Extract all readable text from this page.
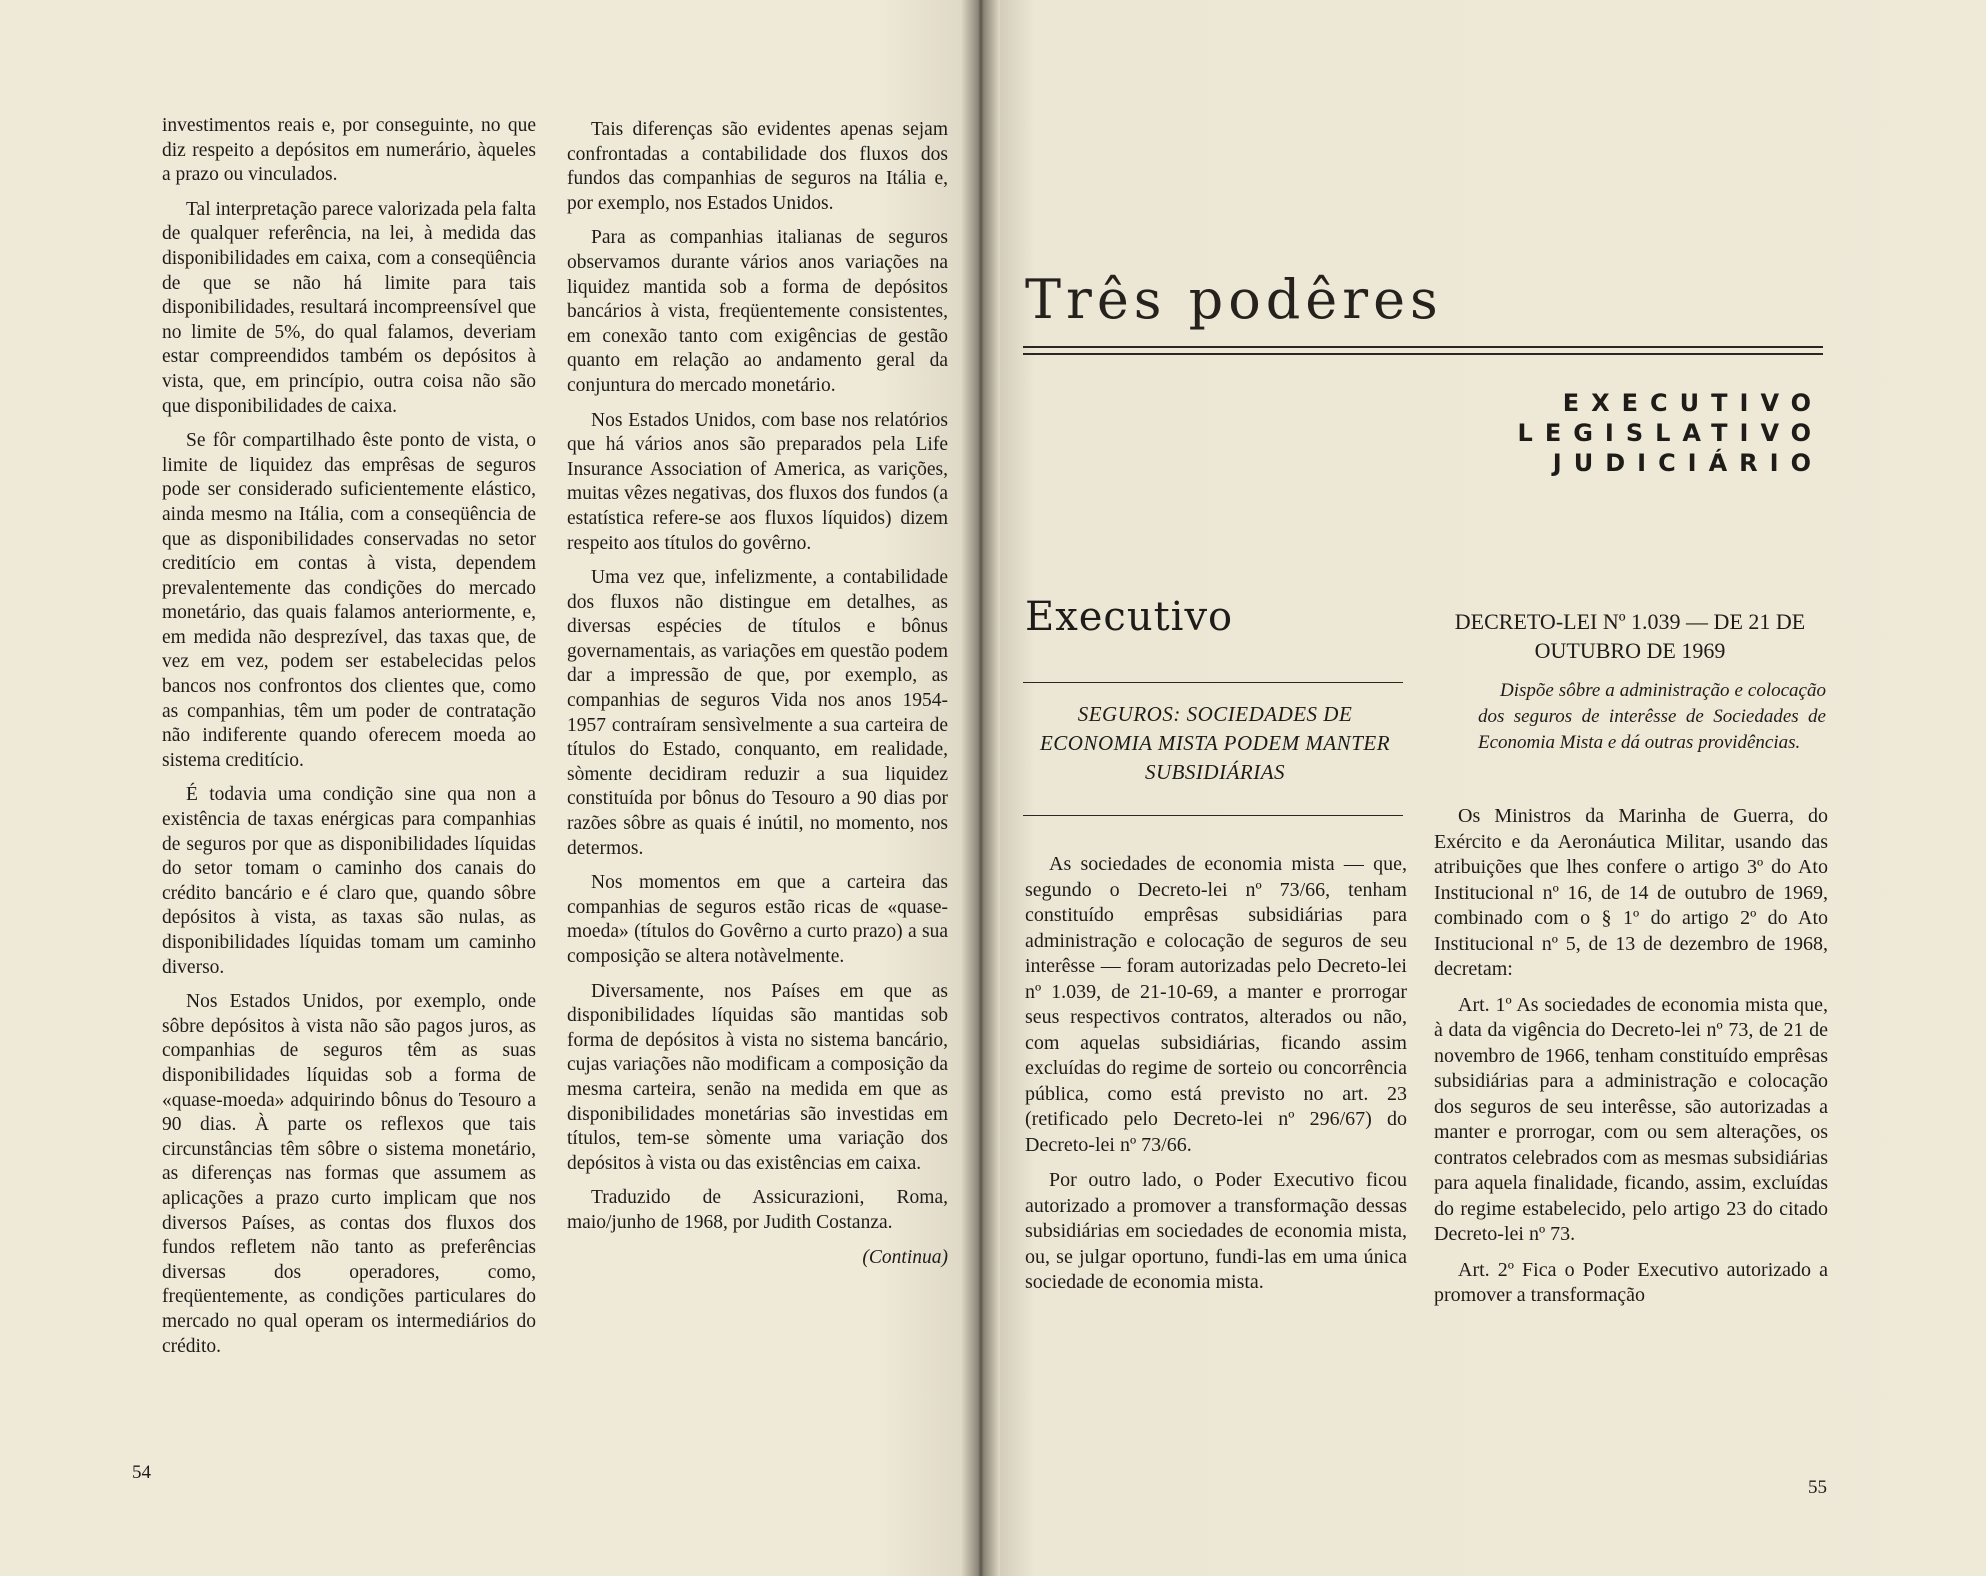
investimentos reais e, por conseguinte, no que diz respeito a depósitos em numerário, àqueles a prazo ou vinculados.

Tal interpretação parece valorizada pela falta de qualquer referência, na lei, à medida das disponibilidades em caixa, com a conseqüência de que se não há limite para tais disponibilidades, resultará incompreensível que no limite de 5%, do qual falamos, deveriam estar compreendidos também os depósitos à vista, que, em princípio, outra coisa não são que disponibilidades de caixa.

Se fôr compartilhado êste ponto de vista, o limite de liquidez das emprêsas de seguros pode ser considerado suficientemente elástico, ainda mesmo na Itália, com a conseqüência de que as disponibilidades conservadas no setor creditício em contas à vista, dependem prevalentemente das condições do mercado monetário, das quais falamos anteriormente, e, em medida não desprezível, das taxas que, de vez em vez, podem ser estabelecidas pelos bancos nos confrontos dos clientes que, como as companhias, têm um poder de contratação não indiferente quando oferecem moeda ao sistema creditício.

É todavia uma condição sine qua non a existência de taxas enérgicas para companhias de seguros por que as disponibilidades líquidas do setor tomam o caminho dos canais do crédito bancário e é claro que, quando sôbre depósitos à vista, as taxas são nulas, as disponibilidades líquidas tomam um caminho diverso.

Nos Estados Unidos, por exemplo, onde sôbre depósitos à vista não são pagos juros, as companhias de seguros têm as suas disponibilidades líquidas sob a forma de «quase-moeda» adquirindo bônus do Tesouro a 90 dias. À parte os reflexos que tais circunstâncias têm sôbre o sistema monetário, as diferenças nas formas que assumem as aplicações a prazo curto implicam que nos diversos Países, as contas dos fluxos dos fundos refletem não tanto as preferências diversas dos operadores, como, freqüentemente, as condições particulares do mercado no qual operam os intermediários do crédito.

Tais diferenças são evidentes apenas sejam confrontadas a contabilidade dos fluxos dos fundos das companhias de seguros na Itália e, por exemplo, nos Estados Unidos.

Para as companhias italianas de seguros observamos durante vários anos variações na liquidez mantida sob a forma de depósitos bancários à vista, freqüentemente consistentes, em conexão tanto com exigências de gestão quanto em relação ao andamento geral da conjuntura do mercado monetário.

Nos Estados Unidos, com base nos relatórios que há vários anos são preparados pela Life Insurance Association of America, as varições, muitas vêzes negativas, dos fluxos dos fundos (a estatística refere-se aos fluxos líquidos) dizem respeito aos títulos do govêrno.

Uma vez que, infelizmente, a contabilidade dos fluxos não distingue em detalhes, as diversas espécies de títulos e bônus governamentais, as variações em questão podem dar a impressão de que, por exemplo, as companhias de seguros Vida nos anos 1954-1957 contraíram sensìvelmente a sua carteira de títulos do Estado, conquanto, em realidade, sòmente decidiram reduzir a sua liquidez constituída por bônus do Tesouro a 90 dias por razões sôbre as quais é inútil, no momento, nos determos.

Nos momentos em que a carteira das companhias de seguros estão ricas de «quase-moeda» (títulos do Govêrno a curto prazo) a sua composição se altera notàvelmente.

Diversamente, nos Países em que as disponibilidades líquidas são mantidas sob forma de depósitos à vista no sistema bancário, cujas variações não modificam a composição da mesma carteira, senão na medida em que as disponibilidades monetárias são investidas em títulos, tem-se sòmente uma variação dos depósitos à vista ou das existências em caixa.

Traduzido de Assicurazioni, Roma, maio/junho de 1968, por Judith Costanza.

(Continua)

54
Três podêres
EXECUTIVO
LEGISLATIVO
JUDICIÁRIO
Executivo
SEGUROS: SOCIEDADES DE ECONOMIA MISTA PODEM MANTER SUBSIDIÁRIAS

As sociedades de economia mista — que, segundo o Decreto-lei nº 73/66, tenham constituído emprêsas subsidiárias para administração e colocação de seguros de seu interêsse — foram autorizadas pelo Decreto-lei nº 1.039, de 21-10-69, a manter e prorrogar seus respectivos contratos, alterados ou não, com aquelas subsidiárias, ficando assim excluídas do regime de sorteio ou concorrência pública, como está previsto no art. 23 (retificado pelo Decreto-lei nº 296/67) do Decreto-lei nº 73/66.

Por outro lado, o Poder Executivo ficou autorizado a promover a transformação dessas subsidiárias em sociedades de economia mista, ou, se julgar oportuno, fundi-las em uma única sociedade de economia mista.

DECRETO-LEI Nº 1.039 — DE 21 DE OUTUBRO DE 1969
Dispõe sôbre a administração e colocação dos seguros de interêsse de Sociedades de Economia Mista e dá outras providências.

Os Ministros da Marinha de Guerra, do Exército e da Aeronáutica Militar, usando das atribuições que lhes confere o artigo 3º do Ato Institucional nº 16, de 14 de outubro de 1969, combinado com o § 1º do artigo 2º do Ato Institucional nº 5, de 13 de dezembro de 1968, decretam:

Art. 1º As sociedades de economia mista que, à data da vigência do Decreto-lei nº 73, de 21 de novembro de 1966, tenham constituído emprêsas subsidiárias para a administração e colocação dos seguros de seu interêsse, são autorizadas a manter e prorrogar, com ou sem alterações, os contratos celebrados com as mesmas subsidiárias para aquela finalidade, ficando, assim, excluídas do regime estabelecido, pelo artigo 23 do citado Decreto-lei nº 73.

Art. 2º Fica o Poder Executivo autorizado a promover a transformação

55
